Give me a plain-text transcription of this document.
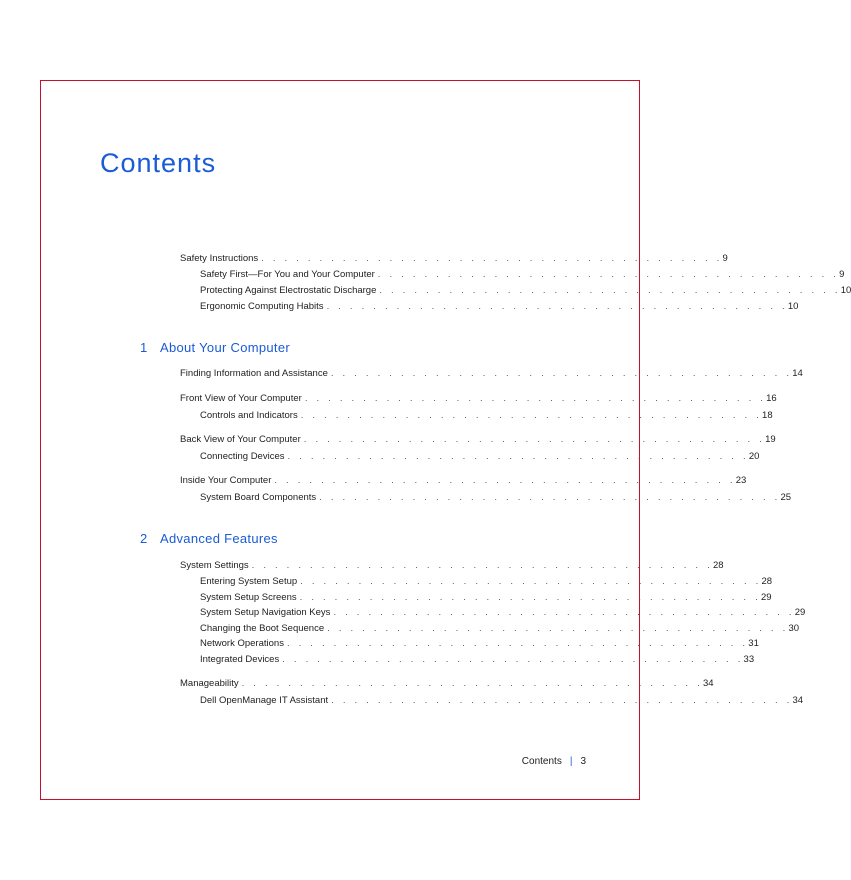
Contents
Safety Instructions . . . . . . . . . . . . . . . . . . . . . . . . . . . . . . . . . . . . . . . . 9
Safety First—For You and Your Computer . . . . . . . . . . . . . . . . . . . . . . . . . . . . . . . . . . . . . . . . 9
Protecting Against Electrostatic Discharge . . . . . . . . . . . . . . . . . . . . . . . . . . . . . . . . . . . . . . . . 10
Ergonomic Computing Habits . . . . . . . . . . . . . . . . . . . . . . . . . . . . . . . . . . . . . . . . 10
1 About Your Computer
Finding Information and Assistance . . . . . . . . . . . . . . . . . . . . . . . . . . . . . . . . . . . . . . . . 14
Front View of Your Computer . . . . . . . . . . . . . . . . . . . . . . . . . . . . . . . . . . . . . . . . 16
Controls and Indicators . . . . . . . . . . . . . . . . . . . . . . . . . . . . . . . . . . . . . . . . 18
Back View of Your Computer . . . . . . . . . . . . . . . . . . . . . . . . . . . . . . . . . . . . . . . . 19
Connecting Devices . . . . . . . . . . . . . . . . . . . . . . . . . . . . . . . . . . . . . . . . 20
Inside Your Computer . . . . . . . . . . . . . . . . . . . . . . . . . . . . . . . . . . . . . . . . 23
System Board Components . . . . . . . . . . . . . . . . . . . . . . . . . . . . . . . . . . . . . . . . 25
2 Advanced Features
System Settings . . . . . . . . . . . . . . . . . . . . . . . . . . . . . . . . . . . . . . . . 28
Entering System Setup . . . . . . . . . . . . . . . . . . . . . . . . . . . . . . . . . . . . . . . . 28
System Setup Screens . . . . . . . . . . . . . . . . . . . . . . . . . . . . . . . . . . . . . . . . 29
System Setup Navigation Keys . . . . . . . . . . . . . . . . . . . . . . . . . . . . . . . . . . . . . . . . 29
Changing the Boot Sequence . . . . . . . . . . . . . . . . . . . . . . . . . . . . . . . . . . . . . . . . 30
Network Operations . . . . . . . . . . . . . . . . . . . . . . . . . . . . . . . . . . . . . . . . 31
Integrated Devices . . . . . . . . . . . . . . . . . . . . . . . . . . . . . . . . . . . . . . . . 33
Manageability . . . . . . . . . . . . . . . . . . . . . . . . . . . . . . . . . . . . . . . . 34
Dell OpenManage IT Assistant . . . . . . . . . . . . . . . . . . . . . . . . . . . . . . . . . . . . . . . . 34
Contents | 3
